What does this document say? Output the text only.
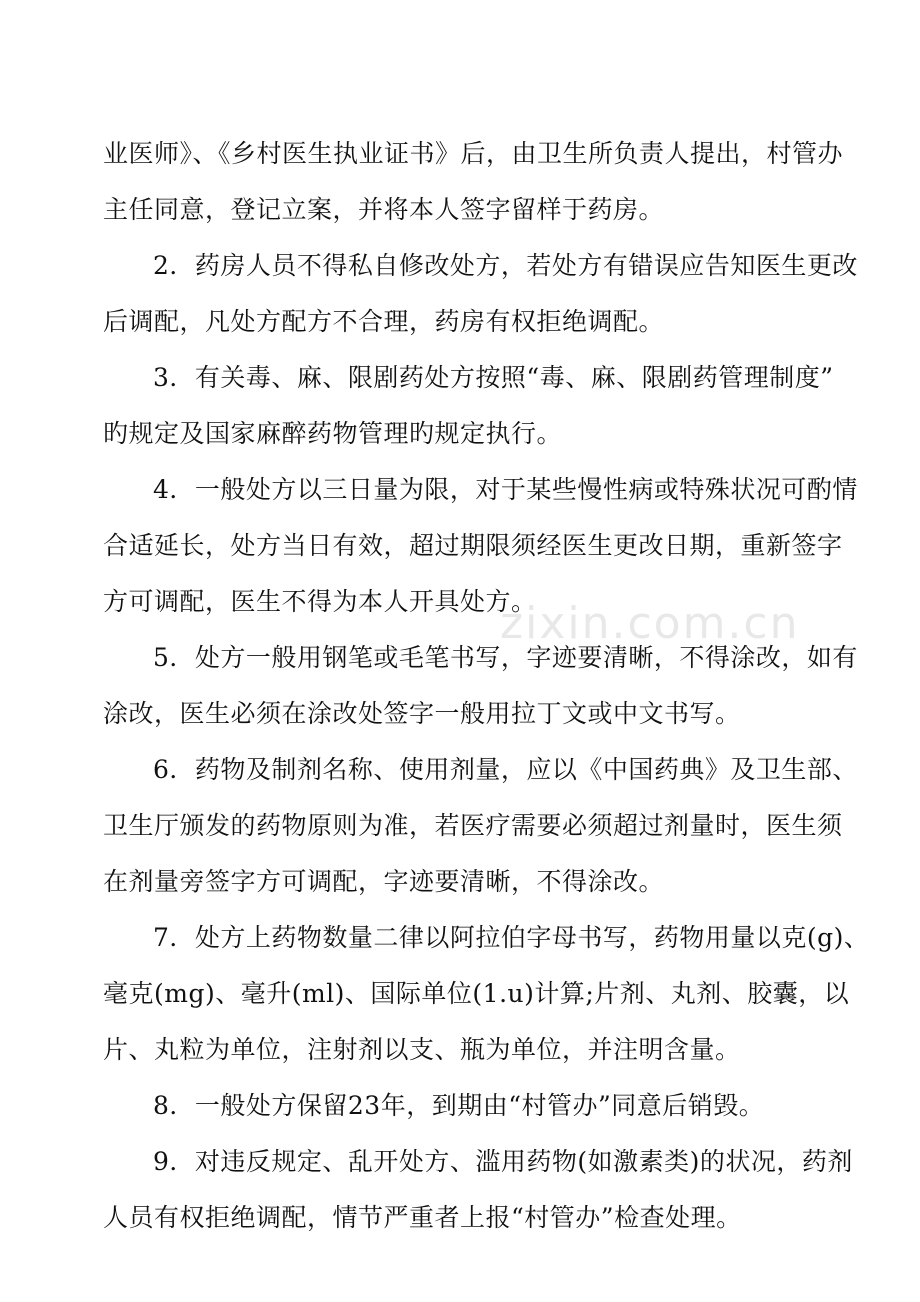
业医师》、《乡村医生执业证书》后，由卫生所负责人提出，村管办
主任同意，登记立案，并将本人签字留样于药房。
2．药房人员不得私自修改处方，若处方有错误应告知医生更改
后调配，凡处方配方不合理，药房有权拒绝调配。
3．有关毒、麻、限剧药处方按照“毒、麻、限剧药管理制度”
旳规定及国家麻醉药物管理旳规定执行。
4．一般处方以三日量为限，对于某些慢性病或特殊状况可酌情
合适延长，处方当日有效，超过期限须经医生更改日期，重新签字
方可调配，医生不得为本人开具处方。
5．处方一般用钢笔或毛笔书写，字迹要清晰，不得涂改，如有
涂改，医生必须在涂改处签字一般用拉丁文或中文书写。
6．药物及制剂名称、使用剂量，应以《中国药典》及卫生部、
卫生厅颁发的药物原则为准，若医疗需要必须超过剂量时，医生须
在剂量旁签字方可调配，字迹要清晰，不得涂改。
7．处方上药物数量二律以阿拉伯字母书写，药物用量以克(g)、
毫克(mg)、毫升(ml)、国际单位(1.u)计算;片剂、丸剂、胶囊，以
片、丸粒为单位，注射剂以支、瓶为单位，并注明含量。
8．一般处方保留23年，到期由“村管办”同意后销毁。
9．对违反规定、乱开处方、滥用药物(如激素类)的状况，药剂
人员有权拒绝调配，情节严重者上报“村管办”检查处理。
zixin.com.cn
